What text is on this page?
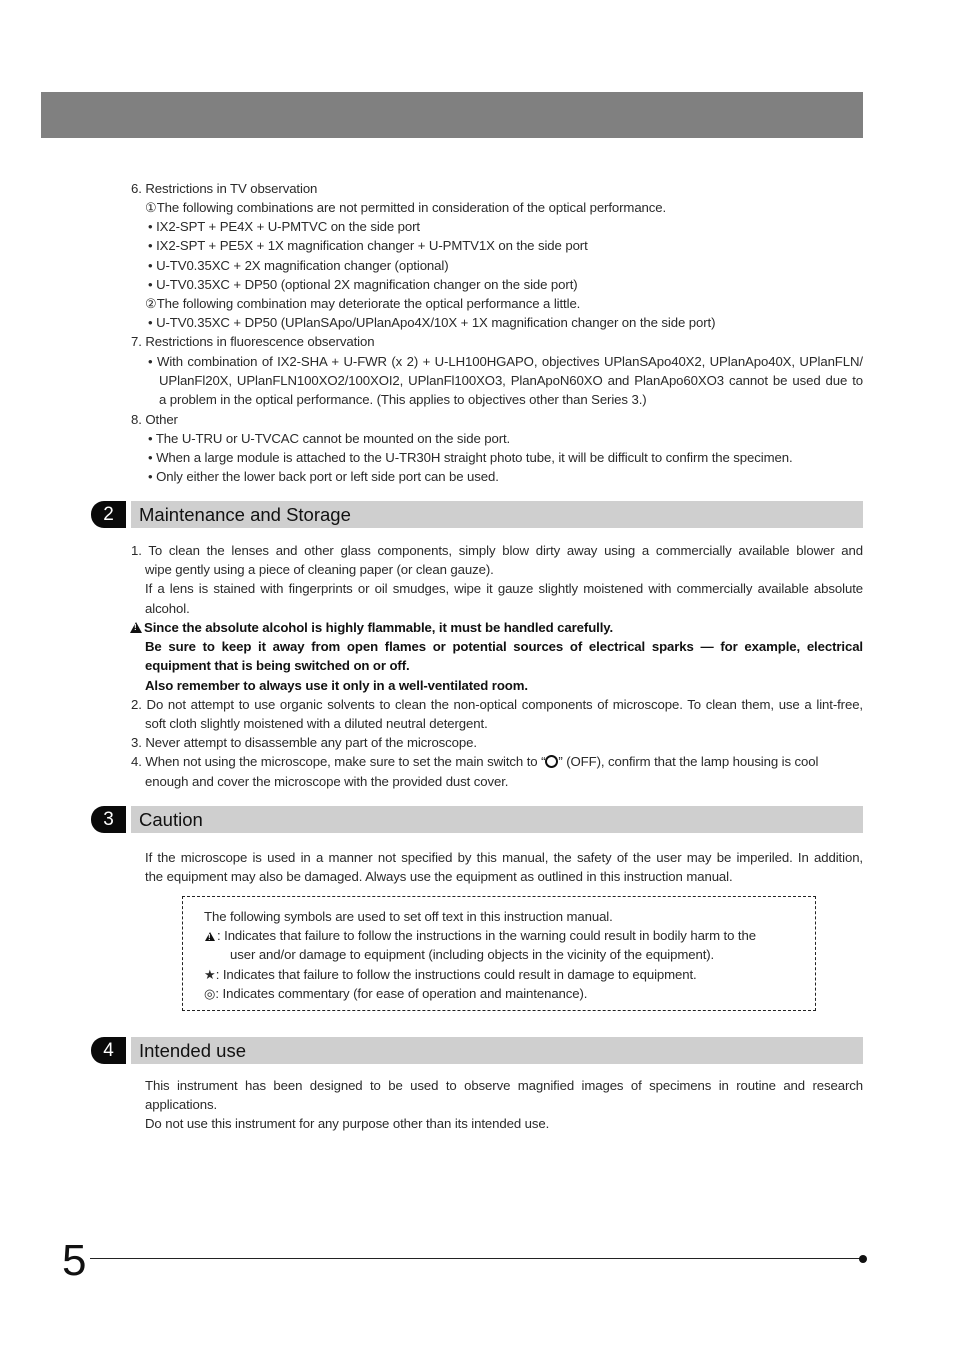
6. Restrictions in TV observation
①The following combinations are not permitted in consideration of the optical performance.
• IX2-SPT + PE4X + U-PMTVC on the side port
• IX2-SPT + PE5X + 1X magnification changer + U-PMTV1X on the side port
• U-TV0.35XC + 2X magnification changer (optional)
• U-TV0.35XC + DP50 (optional 2X magnification changer on the side port)
②The following combination may deteriorate the optical performance a little.
• U-TV0.35XC + DP50 (UPlanSApo/UPlanApo4X/10X + 1X magnification changer on the side port)
7. Restrictions in fluorescence observation
• With combination of IX2-SHA + U-FWR (x 2) + U-LH100HGAPO, objectives UPlanSApo40X2, UPlanApo40X, UPlanFLN/
UPlanFl20X, UPlanFLN100XO2/100XOI2, UPlanFl100XO3, PlanApoN60XO and PlanApo60XO3 cannot be used due to
a problem in the optical performance. (This applies to objectives other than Series 3.)
8. Other
• The U-TRU or U-TVCAC cannot be mounted on the side port.
• When a large module is attached to the U-TR30H straight photo tube, it will be difficult to confirm the specimen.
• Only either the lower back port or left side port can be used.
2	Maintenance and Storage
1. To clean the lenses and other glass components, simply blow dirty away using a commercially available blower and
wipe gently using a piece of cleaning paper (or clean gauze).
If a lens is stained with fingerprints or oil smudges, wipe it gauze slightly moistened with commercially available absolute
alcohol.
!Since the absolute alcohol is highly flammable, it must be handled carefully.
Be sure to keep it away from open flames or potential sources of electrical sparks — for example, electrical
equipment that is being switched on or off.
Also remember to always use it only in a well-ventilated room.
2. Do not attempt to use organic solvents to clean the non-optical components of microscope. To clean them, use a lint-free,
soft cloth slightly moistened with a diluted neutral detergent.
3. Never attempt to disassemble any part of the microscope.
4. When not using the microscope, make sure to set the main switch to “ ” (OFF), confirm that the lamp housing is cool
enough and cover the microscope with the provided dust cover.
3	Caution
If the microscope is used in a manner not specified by this manual, the safety of the user may be imperiled. In addition,
the equipment may also be damaged. Always use the equipment as outlined in this instruction manual.
The following symbols are used to set off text in this instruction manual.
!: Indicates that failure to follow the instructions in the warning could result in bodily harm to the
user and/or damage to equipment (including objects in the vicinity of the equipment).
★: Indicates that failure to follow the instructions could result in damage to equipment.
◎: Indicates commentary (for ease of operation and maintenance).
4	Intended use
This instrument has been designed to be used to observe magnified images of specimens in routine and research
applications.
Do not use this instrument for any purpose other than its intended use.
5
